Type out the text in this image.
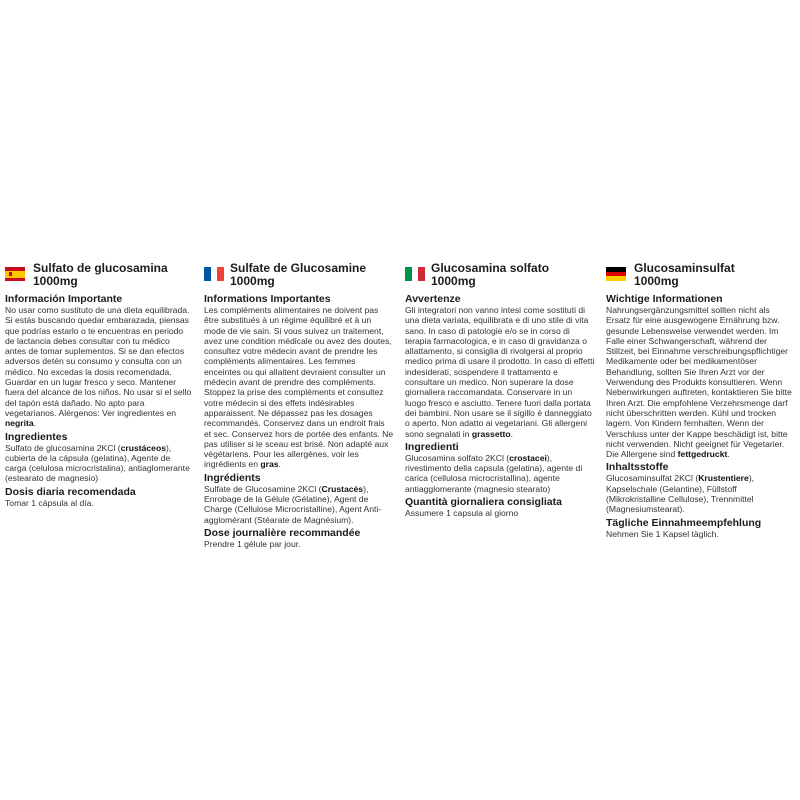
Sulfato de glucosamina
1000mg
Información Importante

No usar como sustituto de una dieta equilibrada. Si estás buscando quedar embarazada, piensas que podrías estarlo o te encuentras en periodo de lactancia debes consultar con tu médico antes de tomar suplementos. Si se dan efectos adversos detén su consumo y consulta con un médico. No excedas la dosis recomendada. Guardar en un lugar fresco y seco. Mantener fuera del alcance de los niños. No usar si el sello del tapón está dañado. No apto para vegetarianos. Alérgenos: Ver ingredientes en negrita.

Ingredientes

Sulfato de glucosamina 2KCl (crustáceos), cubierta de la cápsula (gelatina), Agente de carga (celulosa microcristalina), antiaglomerante (estearato de magnesio)

Dosis diaria recomendada

Tomar 1 cápsula al día.

Sulfate de Glucosamine
1000mg
Informations Importantes

Les compléments alimentaires ne doivent pas être substitués à un régime équilibré et à un mode de vie sain. Si vous suivez un traitement, avez une condition médicale ou avez des doutes, consultez votre médecin avant de prendre les compléments alimentaires. Les femmes enceintes ou qui allaitent devraient consulter un médecin avant de prendre des compléments. Stoppez la prise des compléments et consultez votre médecin si des effets indésirables apparaissent. Ne dépassez pas les dosages recommandés. Conservez dans un endroit frais et sec. Conservez hors de portée des enfants. Ne pas utiliser si le sceau est brisé. Non adapté aux végétariens. Pour les allergènes, voir les ingrédients en gras.

Ingrédients

Sulfate de Glucosamine 2KCl (Crustacés), Enrobage de la Gélule (Gélatine), Agent de Charge (Cellulose Microcristalline), Agent Anti-agglomérant (Stéarate de Magnésium).

Dose journalière recommandée

Prendre 1 gélule par jour.

Glucosamina solfato
1000mg
Avvertenze

Gli integratori non vanno intesi come sostituti di una dieta variata, equilibrata e di uno stile di vita sano. In caso di patologie e/o se in corso di terapia farmacologica, e in caso di gravidanza o allattamento, si consiglia di rivolgersi al proprio medico prima di usare il prodotto. In caso di effetti indesiderati, sospendere il trattamento e consultare un medico. Non superare la dose giornaliera raccomandata. Conservare in un luogo fresco e asciutto. Tenere fuori dalla portata dei bambini. Non usare se il sigillo è danneggiato o aperto. Non adatto ai vegetariani. Gli allergeni sono segnalati in grassetto.

Ingredienti

Glucosamina solfato 2KCl (crostacei), rivestimento della capsula (gelatina), agente di carica (cellulosa microcristallina), agente antiagglomerante (magnesio stearato)

Quantità giornaliera consigliata

Assumere 1 capsula al giorno

Glucosaminsulfat
1000mg
Wichtige Informationen

Nahrungsergänzungsmittel sollten nicht als Ersatz für eine ausgewogene Ernährung bzw. gesunde Lebensweise verwendet werden. Im Falle einer Schwangerschaft, während der Stillzeit, bei Einnahme verschreibungspflichtiger Medikamente oder bei medikamentöser Behandlung, sollten Sie Ihren Arzt vor der Verwendung des Produkts konsultieren. Wenn Nebenwirkungen auftreten, kontaktieren Sie bitte Ihren Arzt. Die empfohlene Verzehrsmenge darf nicht überschritten werden. Kühl und trocken lagern. Von Kindern fernhalten. Wenn der Verschluss unter der Kappe beschädigt ist, bitte nicht verwenden. Nicht geeignet für Vegetarier. Die Allergene sind fettgedruckt.

Inhaltsstoffe

Glucosaminsulfat 2KCl (Krustentiere), Kapselschale (Gelantine), Füllstoff (Mikrokristalline Cellulose), Trennmittel (Magnesiumstearat).

Tägliche Einnahmeempfehlung

Nehmen Sie 1 Kapsel täglich.
